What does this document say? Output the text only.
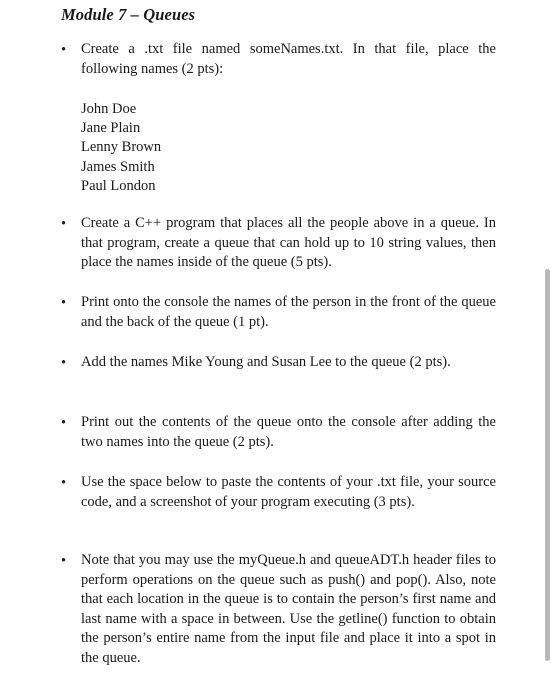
Module 7 – Queues
•	Create a .txt file named someNames.txt. In that file, place the following names (2 pts):
John Doe
Jane Plain
Lenny Brown
James Smith
Paul London
•	Create a C++ program that places all the people above in a queue. In that program, create a queue that can hold up to 10 string values, then place the names inside of the queue (5 pts).
•	Print onto the console the names of the person in the front of the queue and the back of the queue (1 pt).
•	Add the names Mike Young and Susan Lee to the queue (2 pts).
•	Print out the contents of the queue onto the console after adding the two names into the queue (2 pts).
•	Use the space below to paste the contents of your .txt file, your source code, and a screenshot of your program executing (3 pts).
•	Note that you may use the myQueue.h and queueADT.h header files to perform operations on the queue such as push() and pop(). Also, note that each location in the queue is to contain the person’s first name and last name with a space in between. Use the getline() function to obtain the person’s entire name from the input file and place it into a spot in the queue.
